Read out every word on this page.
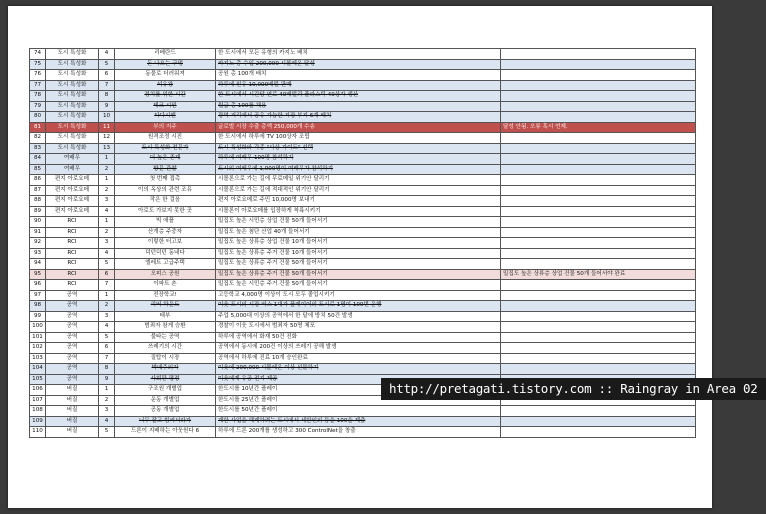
74	도시 특성화	4	리베란드	한 도시에서 모든 유형의 카지노 배치	
75	도시 특성화	5	돈 나오는 구멍	카지노 총 수입 200,000 시몰레온 달성	
76	도시 특성화	6	동물로 더러워져	공원 총 100개 배치	
77	도시 특성화	7	석유왕	하루에 원유 10,000배럴 판매	
78	도시 특성화	8	정치를 위한 시간	한 도시에서 시간당 연료 40배럴과 플라스틱 40상자 생산	
79	도시 특성화	9	테크 시민	월급 총 100를 채용	
80	도시 특성화	10	타다시엔	광역 거리에서 공유 가능한 저장 부지 6개 배치	
81	도시 특성화	11	부의 지주	글로벌 시장 수출 총액 250,000개 수송	달성 안됨. 오류 혹시 언제.
82	도시 특성화	12	원격조정 시진	한 도시에서 하루에 TV 100상자 조립	
83	도시 특성화	13	도시 특성화 전문가	도시 특성화와 각종 "사상 가이드" 선택	
84	여배우	1	더 높은 존재	하루에 여배우 100명 참석하기	
85	여배우	2	방문 관찰	도시의 여배우에 1,000명이 여배우가 참석하기	
86	편지 아로요메	1	첫 번째 접촉	시몰론으로 가는 길에 무료메일 위기안 달리기	
87	편지 아로요메	2	이의 옥상의 관련 조유	시몰론으로 가는 길에 적대적인 위기안 달리기	
88	편지 아로요메	3	작은 한 걸음	편지 아로요메로 주민 10,000명 보내기	
89	편지 아로요메	4	아로도 가보지 못한 곳	시몰론이 아로요메를 입장하게 착륙시키기	
90	RCI	1	빅 애플	밀집도 높은 시민층 상업 건물 50개 들어서기	
91	RCI	2	산개층 주중자	밀집도 높은 첨단 산업 40개 들어서기	
92	RCI	3	이렇한 터고보	밀집도 높은 상류층 상업 건물 10개 들어서기	
93	RCI	4	덕던덕던 동네다	밀집도 높은 상류층 주거 건물 10개 들어서기	
94	RCI	5	엘레트 고급주택	밀집도 높은 상류층 주거 건물 50개 들어서기	
95	RCI	6	오피스 공원	밀집도 높은 상류층 주거 건물 50개 들어서기	밀집도 높은 상류층 상업 건물 50개 들어서야 완료
96	RCI	7	이파트 촌	밀집도 높은 시민층 주거 건물 50개 들어서기	
97	공역	1	전장학교!	고등학교 4,000명 이상이 도시 모두 졸업시키기	
98	공역	2	리버 하운드	이웃 도시의 시장 버스 1대가 플레이어의 도시로 1명이 100번 운행	
99	공역	3	태부	주업 5,000대 이상의 공역에서 한 달에 방치 50건 발생	
100	공역	4	범죄자 참게 승환	경찰이 이웃 도시에서 범죄자 50명 체포	
101	공역	5	불타는 공역	하루에 공역에서 화재 50건 진화	
102	공역	6	쓰레기의 시간	공역에서 동시에 200건 이상의 쓰레기 공해 발생	
103	공역	7	질탑이 시장	공역에서 하루에 진료 10개 승인완료	
104	공역	8	박애주의자	이웃에 200,000 시몰레온 이상 선물하기	
105	공역	9	사회판 평정	이웃에게 유공 전기 제공	
106	버질	1	구조원 개별업	한도시를 10년간 플레이	
107	버질	2	운동 개별업	한도시를 25년간 플레이	
108	버질	3	공동 개별업	한도시를 50년간 플레이	
109	버질	4	너무 잘고 힘써서라가	재한 사업을 해제하려는 도시에서 세한인의 등을 100을 제출	
110	버질	5	드론이 지배하는 아웃원다 6	하루에 드론 200개를 생성하고 300 ControlNet을 창출	
http://pretagati.tistory.com :: Raingray in Area 02
